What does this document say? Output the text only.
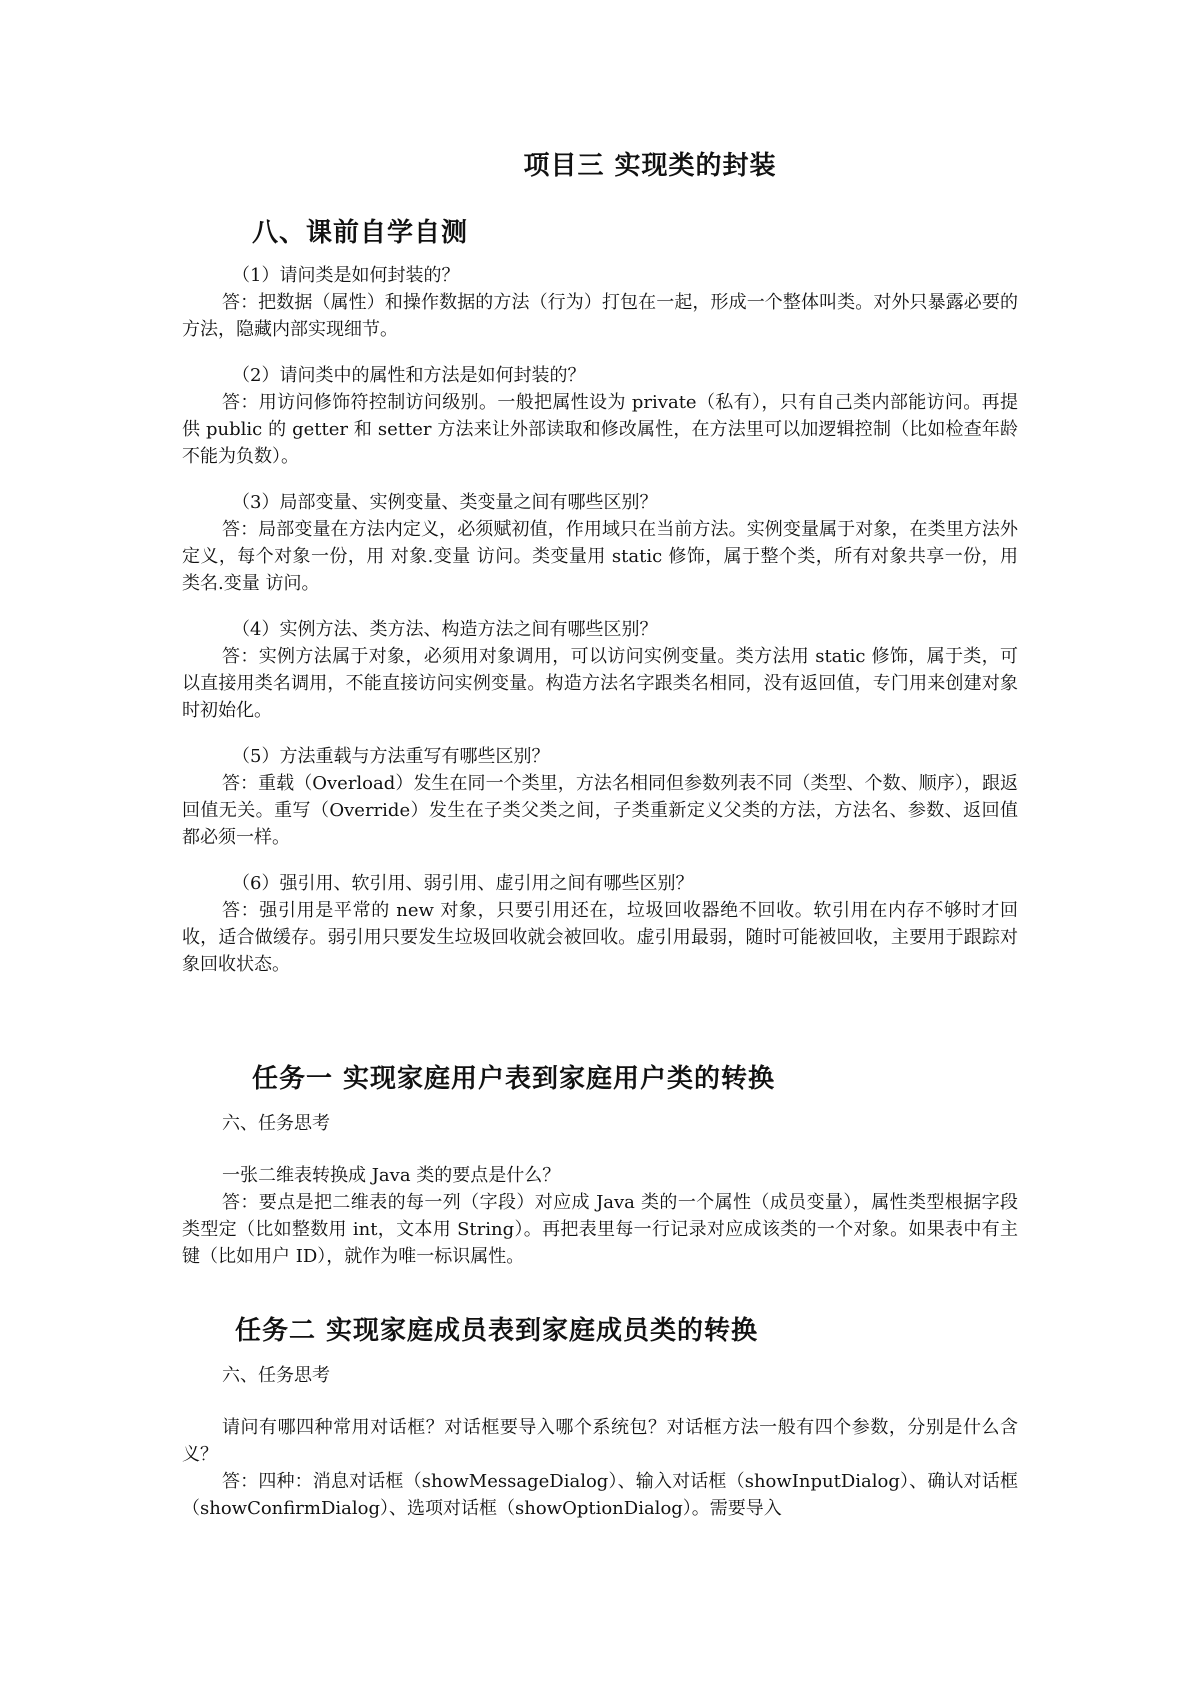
项目三 实现类的封装
八、课前自学自测

（1）请问类是如何封装的？

答：把数据（属性）和操作数据的方法（行为）打包在一起，形成一个整体叫类。对外只暴露必要的方法，隐藏内部实现细节。

（2）请问类中的属性和方法是如何封装的？

答：用访问修饰符控制访问级别。一般把属性设为 private（私有），只有自己类内部能访问。再提供 public 的 getter 和 setter 方法来让外部读取和修改属性，在方法里可以加逻辑控制（比如检查年龄不能为负数）。

（3）局部变量、实例变量、类变量之间有哪些区别？

答：局部变量在方法内定义，必须赋初值，作用域只在当前方法。实例变量属于对象，在类里方法外定义，每个对象一份，用 对象.变量 访问。类变量用 static 修饰，属于整个类，所有对象共享一份，用 类名.变量 访问。

（4）实例方法、类方法、构造方法之间有哪些区别？

答：实例方法属于对象，必须用对象调用，可以访问实例变量。类方法用 static 修饰，属于类，可以直接用类名调用，不能直接访问实例变量。构造方法名字跟类名相同，没有返回值，专门用来创建对象时初始化。

（5）方法重载与方法重写有哪些区别？

答：重载（Overload）发生在同一个类里，方法名相同但参数列表不同（类型、个数、顺序），跟返回值无关。重写（Override）发生在子类父类之间，子类重新定义父类的方法，方法名、参数、返回值都必须一样。

（6）强引用、软引用、弱引用、虚引用之间有哪些区别？

答：强引用是平常的 new 对象，只要引用还在，垃圾回收器绝不回收。软引用在内存不够时才回收，适合做缓存。弱引用只要发生垃圾回收就会被回收。虚引用最弱，随时可能被回收，主要用于跟踪对象回收状态。

任务一 实现家庭用户表到家庭用户类的转换

六、任务思考

一张二维表转换成 Java 类的要点是什么？

答：要点是把二维表的每一列（字段）对应成 Java 类的一个属性（成员变量），属性类型根据字段类型定（比如整数用 int，文本用 String）。再把表里每一行记录对应成该类的一个对象。如果表中有主键（比如用户 ID），就作为唯一标识属性。

任务二 实现家庭成员表到家庭成员类的转换

六、任务思考

请问有哪四种常用对话框？对话框要导入哪个系统包？对话框方法一般有四个参数，分别是什么含义？

答：四种：消息对话框（showMessageDialog）、输入对话框（showInputDialog）、确认对话框（showConfirmDialog）、选项对话框（showOptionDialog）。需要导入
